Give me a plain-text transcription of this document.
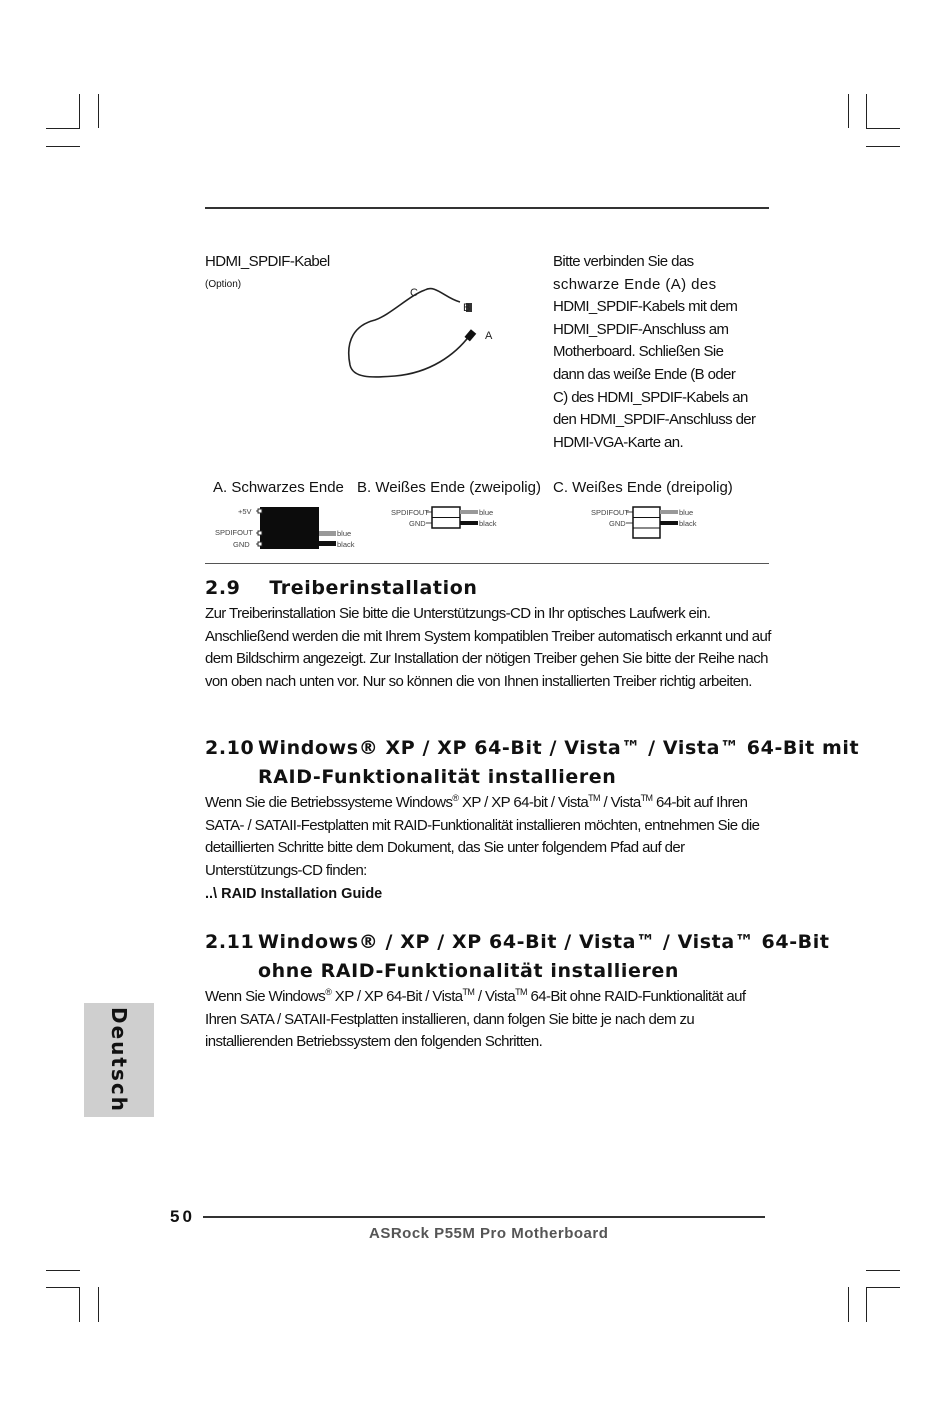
HDMI_SPDIF-Kabel
(Option)
C
B
A
Bitte verbinden Sie das
schwarze Ende (A) des
HDMI_SPDIF-Kabels mit dem
HDMI_SPDIF-Anschluss am
Motherboard. Schließen Sie
dann das weiße Ende (B oder
C) des HDMI_SPDIF-Kabels an
den HDMI_SPDIF-Anschluss der
HDMI-VGA-Karte an.
A. Schwarzes Ende B. Weißes Ende (zweipolig) C. Weißes Ende (dreipolig)
+5V
SPDIFOUT
GND
blue
black
SPDIFOUT
GND
blue
black
SPDIFOUT
GND
blue
black
2.9    Treiberinstallation
Zur Treiberinstallation Sie bitte die Unterstützungs-CD in Ihr optisches Laufwerk ein. Anschließend werden die mit Ihrem System kompatiblen Treiber automatisch erkannt und auf dem Bildschirm angezeigt. Zur Installation der nötigen Treiber gehen Sie bitte der Reihe nach von oben nach unten vor. Nur so können die von Ihnen installierten Treiber richtig arbeiten.
2.10 Windows® XP / XP 64-Bit / Vista™ / Vista™ 64-Bit mit
RAID-Funktionalität installieren
Wenn Sie die Betriebssysteme Windows® XP / XP 64-bit / Vista™ / Vista™ 64-bit auf Ihren SATA- / SATAII-Festplatten mit RAID-Funktionalität installieren möchten, entnehmen Sie die detaillierten Schritte bitte dem Dokument, das Sie unter folgendem Pfad auf der Unterstützungs-CD finden:
..\ RAID Installation Guide
2.11 Windows® / XP / XP 64-Bit / Vista™ / Vista™ 64-Bit
ohne RAID-Funktionalität installieren
Wenn Sie Windows® XP / XP 64-Bit / Vista™ / Vista™ 64-Bit ohne RAID-Funktionalität auf Ihren SATA / SATAII-Festplatten installieren, dann folgen Sie bitte je nach dem zu installierenden Betriebssystem den folgenden Schritten.
Deutsch
50
ASRock P55M Pro Motherboard
